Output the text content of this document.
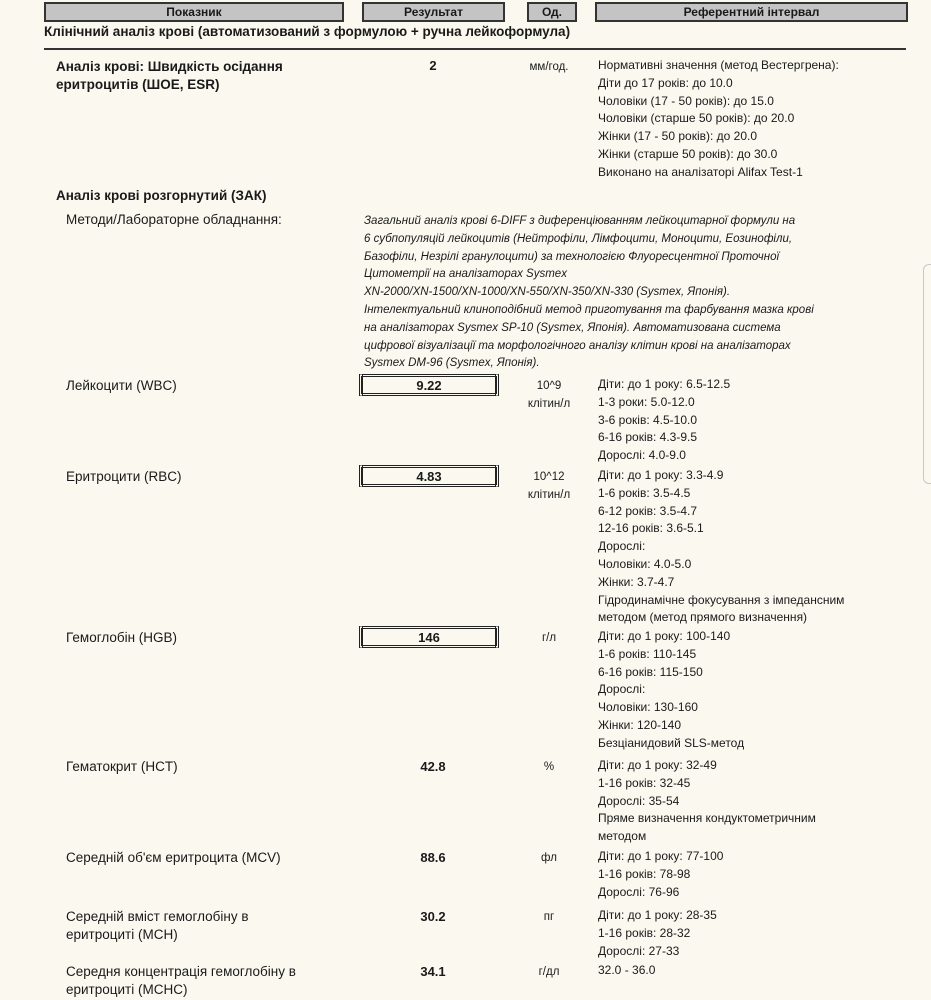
Показник	Результат	Од.	Референтний інтервал
Клінічний аналіз крові (автоматизований з формулою + ручна лейкоформула)
Аналіз крові: Швидкість осідання
еритроцитів (ШОЕ, ESR)
2	мм/год.	Нормативні значення (метод Вестергрена):
Діти до 17 років: до 10.0
Чоловіки (17 - 50 років): до 15.0
Чоловіки (старше 50 років): до 20.0
Жінки (17 - 50 років): до 20.0
Жінки (старше 50 років): до 30.0
Виконано на аналізаторі Alifax Test-1
Аналіз крові розгорнутий (ЗАК)
Методи/Лабораторне обладнання:	Загальний аналіз крові 6-DIFF з диференціюванням лейкоцитарної формули на
6 субпопуляцій лейкоцитів (Нейтрофіли, Лімфоцити, Моноцити, Еозинофіли,
Базофіли, Незрілі гранулоцити) за технологією Флуоресцентної Проточної
Цитометрії на аналізаторах Sysmex
XN-2000/XN-1500/XN-1000/XN-550/XN-350/XN-330 (Sysmex, Японія).
Інтелектуальний клиноподібний метод приготування та фарбування мазка крові
на аналізаторах Sysmex SP-10 (Sysmex, Японія). Автоматизована система
цифрової візуалізації та морфологічного аналізу клітин крові на аналізаторах
Sysmex DM-96 (Sysmex, Японія).
Лейкоцити (WBC)	9.22	10^9
клітин/л
Діти: до 1 року: 6.5-12.5
1-3 роки: 5.0-12.0
3-6 років: 4.5-10.0
6-16 років: 4.3-9.5
Дорослі: 4.0-9.0
Еритроцити (RBC)	4.83	10^12
клітин/л
Діти: до 1 року: 3.3-4.9
1-6 років: 3.5-4.5
6-12 років: 3.5-4.7
12-16 років: 3.6-5.1
Дорослі:
Чоловіки: 4.0-5.0
Жінки: 3.7-4.7
Гідродинамічне фокусування з імпедансним
методом (метод прямого визначення)
Гемоглобін (HGB)	146	г/л	Діти: до 1 року: 100-140
1-6 років: 110-145
6-16 років: 115-150
Дорослі:
Чоловіки: 130-160
Жінки: 120-140
Безціанидовий SLS-метод
Гематокрит (HCT)	42.8	%	Діти: до 1 року: 32-49
1-16 років: 32-45
Дорослі: 35-54
Пряме визначення кондуктометричним
методом
Середній об'єм еритроцита (MCV)	88.6	фл	Діти: до 1 року: 77-100
1-16 років: 78-98
Дорослі: 76-96
Середній вміст гемоглобіну в
еритроциті (MCH)
30.2	пг	Діти: до 1 року: 28-35
1-16 років: 28-32
Дорослі: 27-33
Середня концентрація гемоглобіну в
еритроциті (MCHC)
34.1	г/дл	32.0 - 36.0
